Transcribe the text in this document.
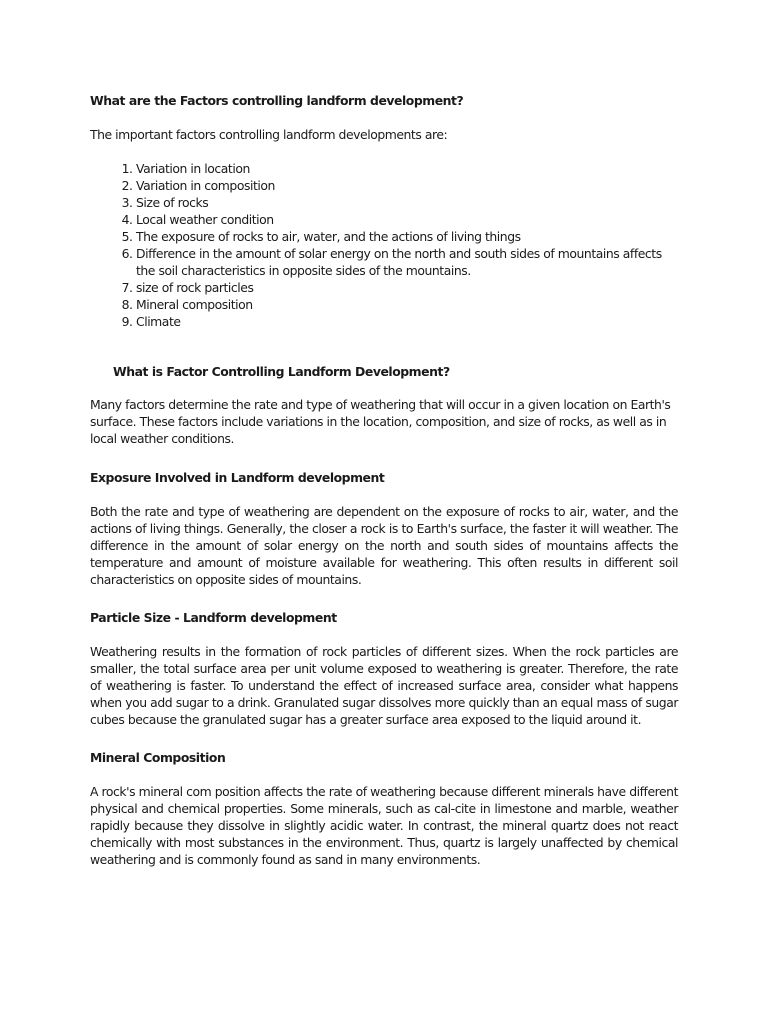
What are the Factors controlling landform development?

The important factors controlling landform developments are:

1. Variation in location
2. Variation in composition
3. Size of rocks
4. Local weather condition
5. The exposure of rocks to air, water, and the actions of living things
6. Difference in the amount of solar energy on the north and south sides of mountains affects the soil characteristics in opposite sides of the mountains.
7. size of rock particles
8. Mineral composition
9. Climate

What is Factor Controlling Landform Development?

Many factors determine the rate and type of weathering that will occur in a given location on Earth's surface. These factors include variations in the location, composition, and size of rocks, as well as in local weather conditions.

Exposure Involved in Landform development

Both the rate and type of weathering are dependent on the exposure of rocks to air, water, and the actions of living things. Generally, the closer a rock is to Earth's surface, the faster it will weather. The difference in the amount of solar energy on the north and south sides of mountains affects the temperature and amount of moisture available for weathering. This often results in different soil characteristics on opposite sides of mountains.

Particle Size - Landform development

Weathering results in the formation of rock particles of different sizes. When the rock particles are smaller, the total surface area per unit volume exposed to weathering is greater. Therefore, the rate of weathering is faster. To understand the effect of increased surface area, consider what happens when you add sugar to a drink. Granulated sugar dissolves more quickly than an equal mass of sugar cubes because the granulated sugar has a greater surface area exposed to the liquid around it.

Mineral Composition

A rock's mineral com position affects the rate of weathering because different minerals have different physical and chemical properties. Some minerals, such as cal-cite in limestone and marble, weather rapidly because they dissolve in slightly acidic water. In contrast, the mineral quartz does not react chemically with most substances in the environment. Thus, quartz is largely unaffected by chemical weathering and is commonly found as sand in many environments.
